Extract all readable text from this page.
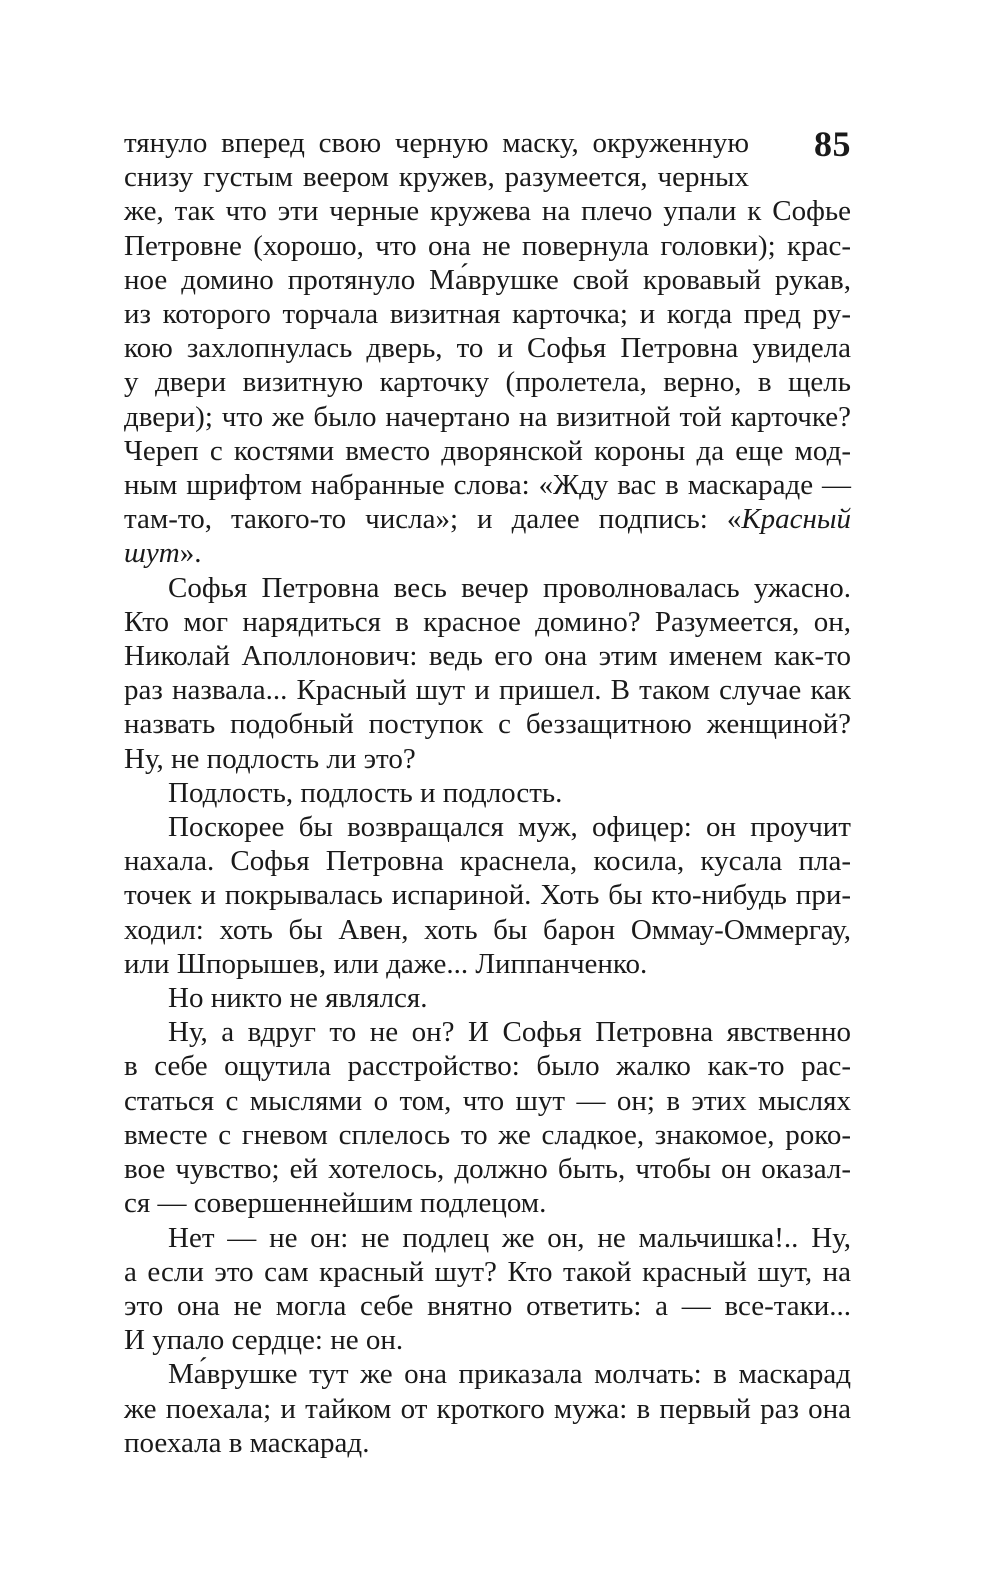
85
тянуло вперед свою черную маску, окруженную
снизу густым веером кружев, разумеется, черных
же, так что эти черные кружева на плечо упали к Софье
Петровне (хорошо, что она не повернула головки); крас-
ное домино протянуло Ма́врушке свой кровавый рукав,
из которого торчала визитная карточка; и когда пред ру-
кою захлопнулась дверь, то и Софья Петровна увидела
у двери визитную карточку (пролетела, верно, в щель
двери); что же было начертано на визитной той карточке?
Череп с костями вместо дворянской короны да еще мод-
ным шрифтом набранные слова: «Жду вас в маскараде —
там-то, такого-то числа»; и далее подпись: «Красный
шут».
Софья Петровна весь вечер проволновалась ужасно.
Кто мог нарядиться в красное домино? Разумеется, он,
Николай Аполлонович: ведь его она этим именем как-то
раз назвала... Красный шут и пришел. В таком случае как
назвать подобный поступок с беззащитною женщиной?
Ну, не подлость ли это?
Подлость, подлость и подлость.
Поскорее бы возвращался муж, офицер: он проучит
нахала. Софья Петровна краснела, косила, кусала пла-
точек и покрывалась испариной. Хоть бы кто-нибудь при-
ходил: хоть бы Авен, хоть бы барон Оммау-Оммергау,
или Шпорышев, или даже... Липпанченко.
Но никто не являлся.
Ну, а вдруг то не он? И Софья Петровна явственно
в себе ощутила расстройство: было жалко как-то рас-
статься с мыслями о том, что шут — он; в этих мыслях
вместе с гневом сплелось то же сладкое, знакомое, роко-
вое чувство; ей хотелось, должно быть, чтобы он оказал-
ся — совершеннейшим подлецом.
Нет — не он: не подлец же он, не мальчишка!.. Ну,
а если это сам красный шут? Кто такой красный шут, на
это она не могла себе внятно ответить: а — все-таки...
И упало сердце: не он.
Ма́врушке тут же она приказала молчать: в маскарад
же поехала; и тайком от кроткого мужа: в первый раз она
поехала в маскарад.
